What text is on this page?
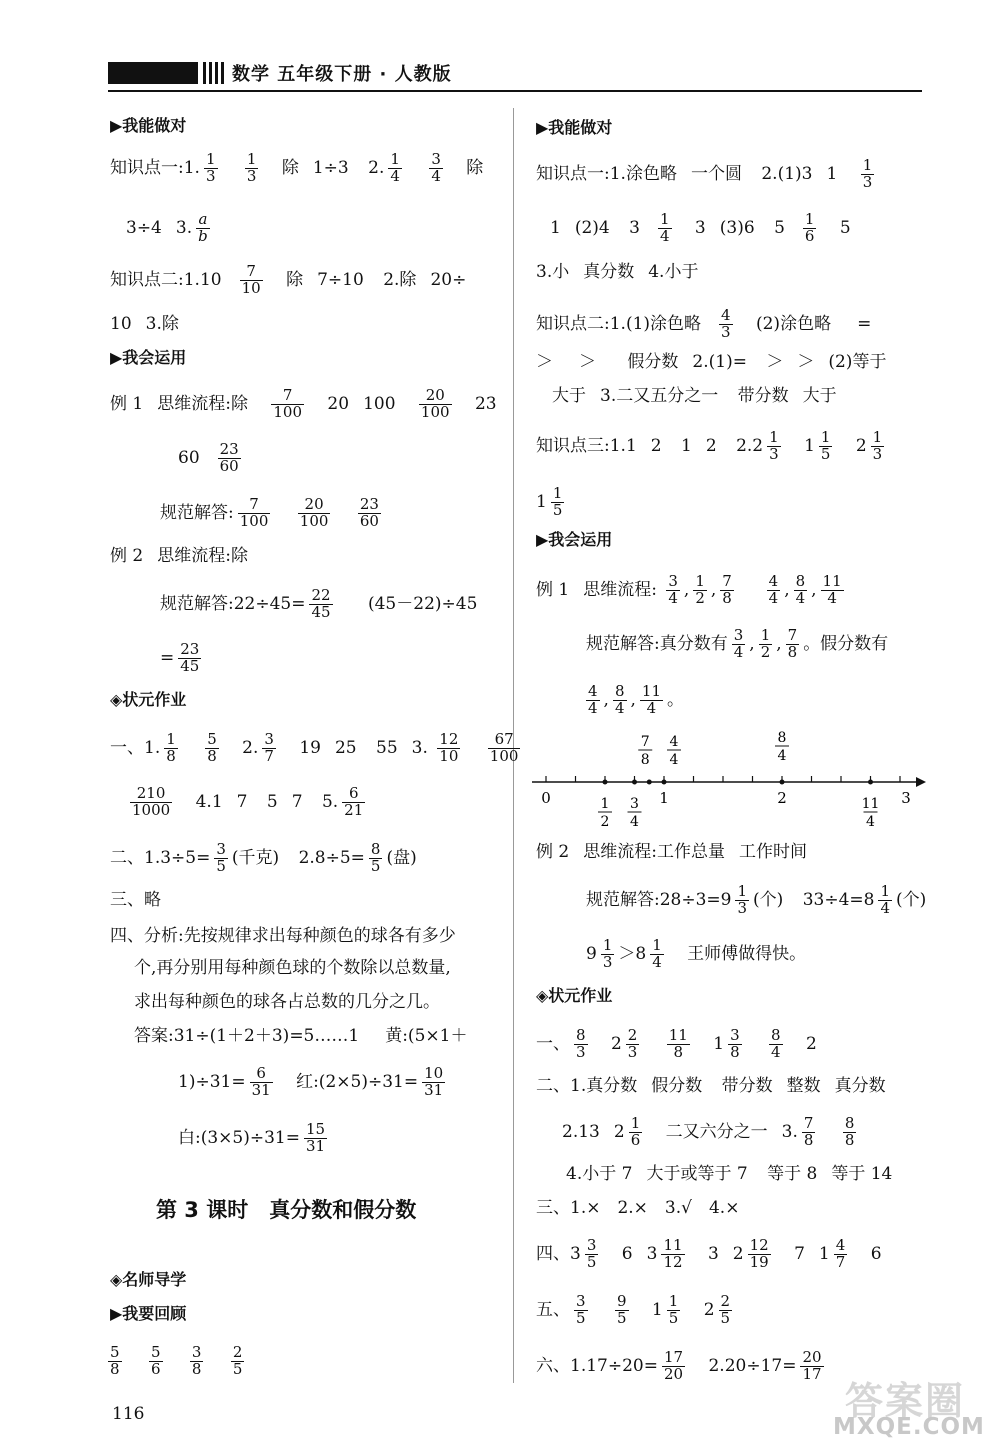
数学 五年级下册 · 人教版
▶我能做对
知识点一:1. $\frac{1}{3}$
$\frac{1}{3}$ 除 1÷3 2. $\frac{1}{4}$
$\frac{3}{4}$ 除
3÷4 3. $\frac{a}{b}$
知识点二:1.10 $\frac{7}{10}$ 除 7÷10 2.除 20÷
10 3.除
▶我会运用
例 1 思维流程:除 $\frac{7}{100} 20$ $100 \frac{20}{100} 23$
$60 \frac{23}{60}$
规范解答: $\frac{7}{100}$
$\frac{20}{100}$
$\frac{23}{60}$
例 2 思维流程:除
规范解答:22÷45= $\frac{22}{45} (45-22)\div 45$
= $\frac{23}{45}$
◈状元作业
一、1. $\frac{1}{8}$
$\frac{5}{8} 2$. $\frac{3}{7} 19$ 25 55 3. $\frac{12}{10}$
$\frac{67}{100}$
$\frac{210}{1000} 4.1$ 7 5 7 5. $\frac{6}{21}$
二、$1.3\div 5= \frac{3}{5}$ (千克) $2.8\div 5= \frac{8}{5}$ (盘)
三、略
四、分析:先按规律求出每种颜色的球各有多少
个,再分别用每种颜色球的个数除以总数量,
求出每种颜色的球各占总数的几分之几。
答案:31÷(1＋2＋3)=5……1 黄:(5×1＋
$1)\div 31= \frac{6}{31}$ 红:(2×5)÷31= $\frac{10}{31}$
白:(3×5)÷31= $\frac{15}{31}$
第 3 课时　真分数和假分数
◈名师导学
▶我要回顾
$\frac{5}{8}$
$\frac{5}{6}$
$\frac{3}{8}$
$\frac{2}{5}$
116
▶我能做对
知识点一:1.涂色略 一个圆 2.(1)3 $1 \frac{1}{3}$
1 (2)4 $3 \frac{1}{4} 3$ (3)6 $5 \frac{1}{6} 5$
3.小 真分数 4.小于
知识点二:1.(1)涂色略 $\frac{4}{3} (2)$涂色略 =
＞ ＞ 假分数 2.(1)= ＞ ＞ (2)等于
大于 3.二又五分之一 带分数 大于
知识点三:1.1 2 1 2 $2.2 \frac{1}{3} 1 \frac{1}{5} 2 \frac{1}{3}$
$1 \frac{1}{5}$
▶我会运用
例 1 思维流程: $\frac{3}{4}$ , $\frac{1}{2}$ , $\frac{7}{8}$
$\frac{4}{4}$ , $\frac{8}{4}$ , $\frac{11}{4}$
规范解答:真分数有 $\frac{3}{4}$ , $\frac{1}{2}$ , $\frac{7}{8}$ 。假分数有
$\frac{4}{4}$ , $\frac{8}{4}$ , $\frac{11}{4}$ 。
0	1	2	3
7
8
4
4
8
4
1
2
3
4
11
4
例 2 思维流程:工作总量 工作时间
规范解答:28÷3=9 $\frac{1}{3}$ (个) $33\div 4=8 \frac{1}{4}$ (个)
$9 \frac{1}{3} >8 \frac{1}{4}$ 王师傅做得快。
◈状元作业
一、 $\frac{8}{3} 2 \frac{2}{3}$
$\frac{11}{8} 1 \frac{3}{8}$
$\frac{8}{4} 2$
二、1.真分数 假分数 带分数 整数 真分数
2.13 $2 \frac{1}{6}$ 二又六分之一 3. $\frac{7}{8}$
$\frac{8}{8}$
4.小于 7 大于或等于 7 等于 8 等于 14
三、1.×　2.×　3.√　4.×
四、$3 \frac{3}{5} 6$ $3 \frac{11}{12} 3$ $2 \frac{12}{19} 7$ $1 \frac{4}{7} 6$
五、 $\frac{3}{5}$
$\frac{9}{5} 1 \frac{1}{5} 2 \frac{2}{5}$
六、$1.17\div 20= \frac{17}{20} 2.20\div 17= \frac{20}{17}$
答案圈
MXQE.COM
